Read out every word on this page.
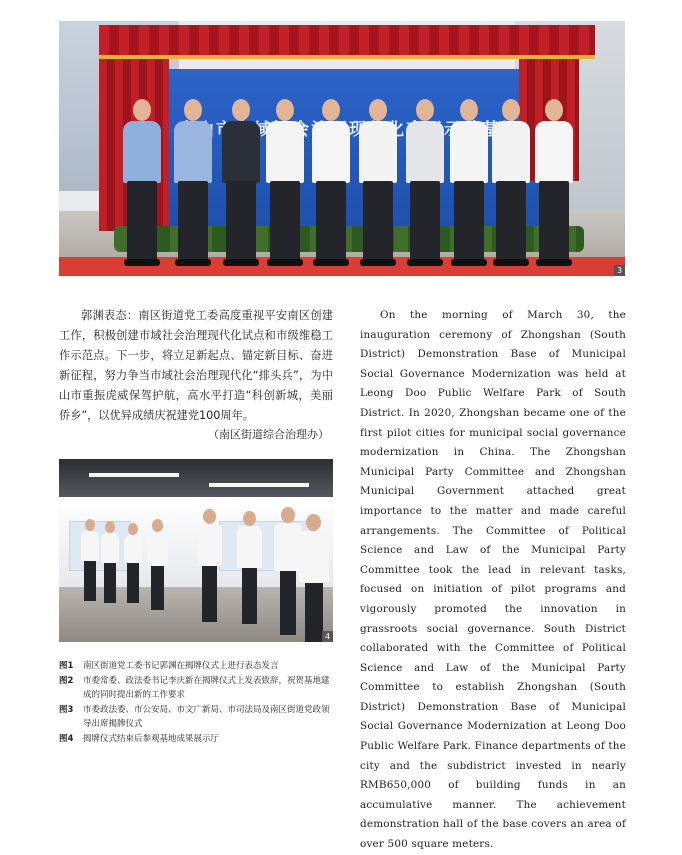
3

郭渊表态：南区街道党工委高度重视平安南区创建工作，积极创建市域社会治理现代化试点和市级维稳工作示范点。下一步，将立足新起点、锚定新目标、奋进新征程，努力争当市域社会治理现代化“排头兵”，为中山市重振虎威保驾护航，高水平打造“科创新城，美丽侨乡”，以优异成绩庆祝建党100周年。

（南区街道综合治理办）
4
图1	南区街道党工委书记郭渊在揭牌仪式上进行表态发言
图2	市委常委、政法委书记李庆新在揭牌仪式上发表致辞，祝贺基地建成的同时提出新的工作要求
图3	市委政法委、市公安局、市文广新局、市司法局及南区街道党政领导出席揭牌仪式
图4	揭牌仪式结束后参观基地成果展示厅

On the morning of March 30, the inauguration ceremony of Zhongshan (South District) Demonstration Base of Municipal Social Governance Modernization was held at Leong Doo Public Welfare Park of South District. In 2020, Zhongshan became one of the first pilot cities for municipal social governance modernization in China. The Zhongshan Municipal Party Committee and Zhongshan Municipal Government attached great importance to the matter and made careful arrangements. The Committee of Political Science and Law of the Municipal Party Committee took the lead in relevant tasks, focused on initiation of pilot programs and vigorously promoted the innovation in grassroots social governance. South District collaborated with the Committee of Political Science and Law of the Municipal Party Committee to establish Zhongshan (South District) Demonstration Base of Municipal Social Governance Modernization at Leong Doo Public Welfare Park. Finance departments of the city and the subdistrict invested in nearly RMB650,000 of building funds in an accumulative manner. The achievement demonstration hall of the base covers an area of over 500 square meters.
